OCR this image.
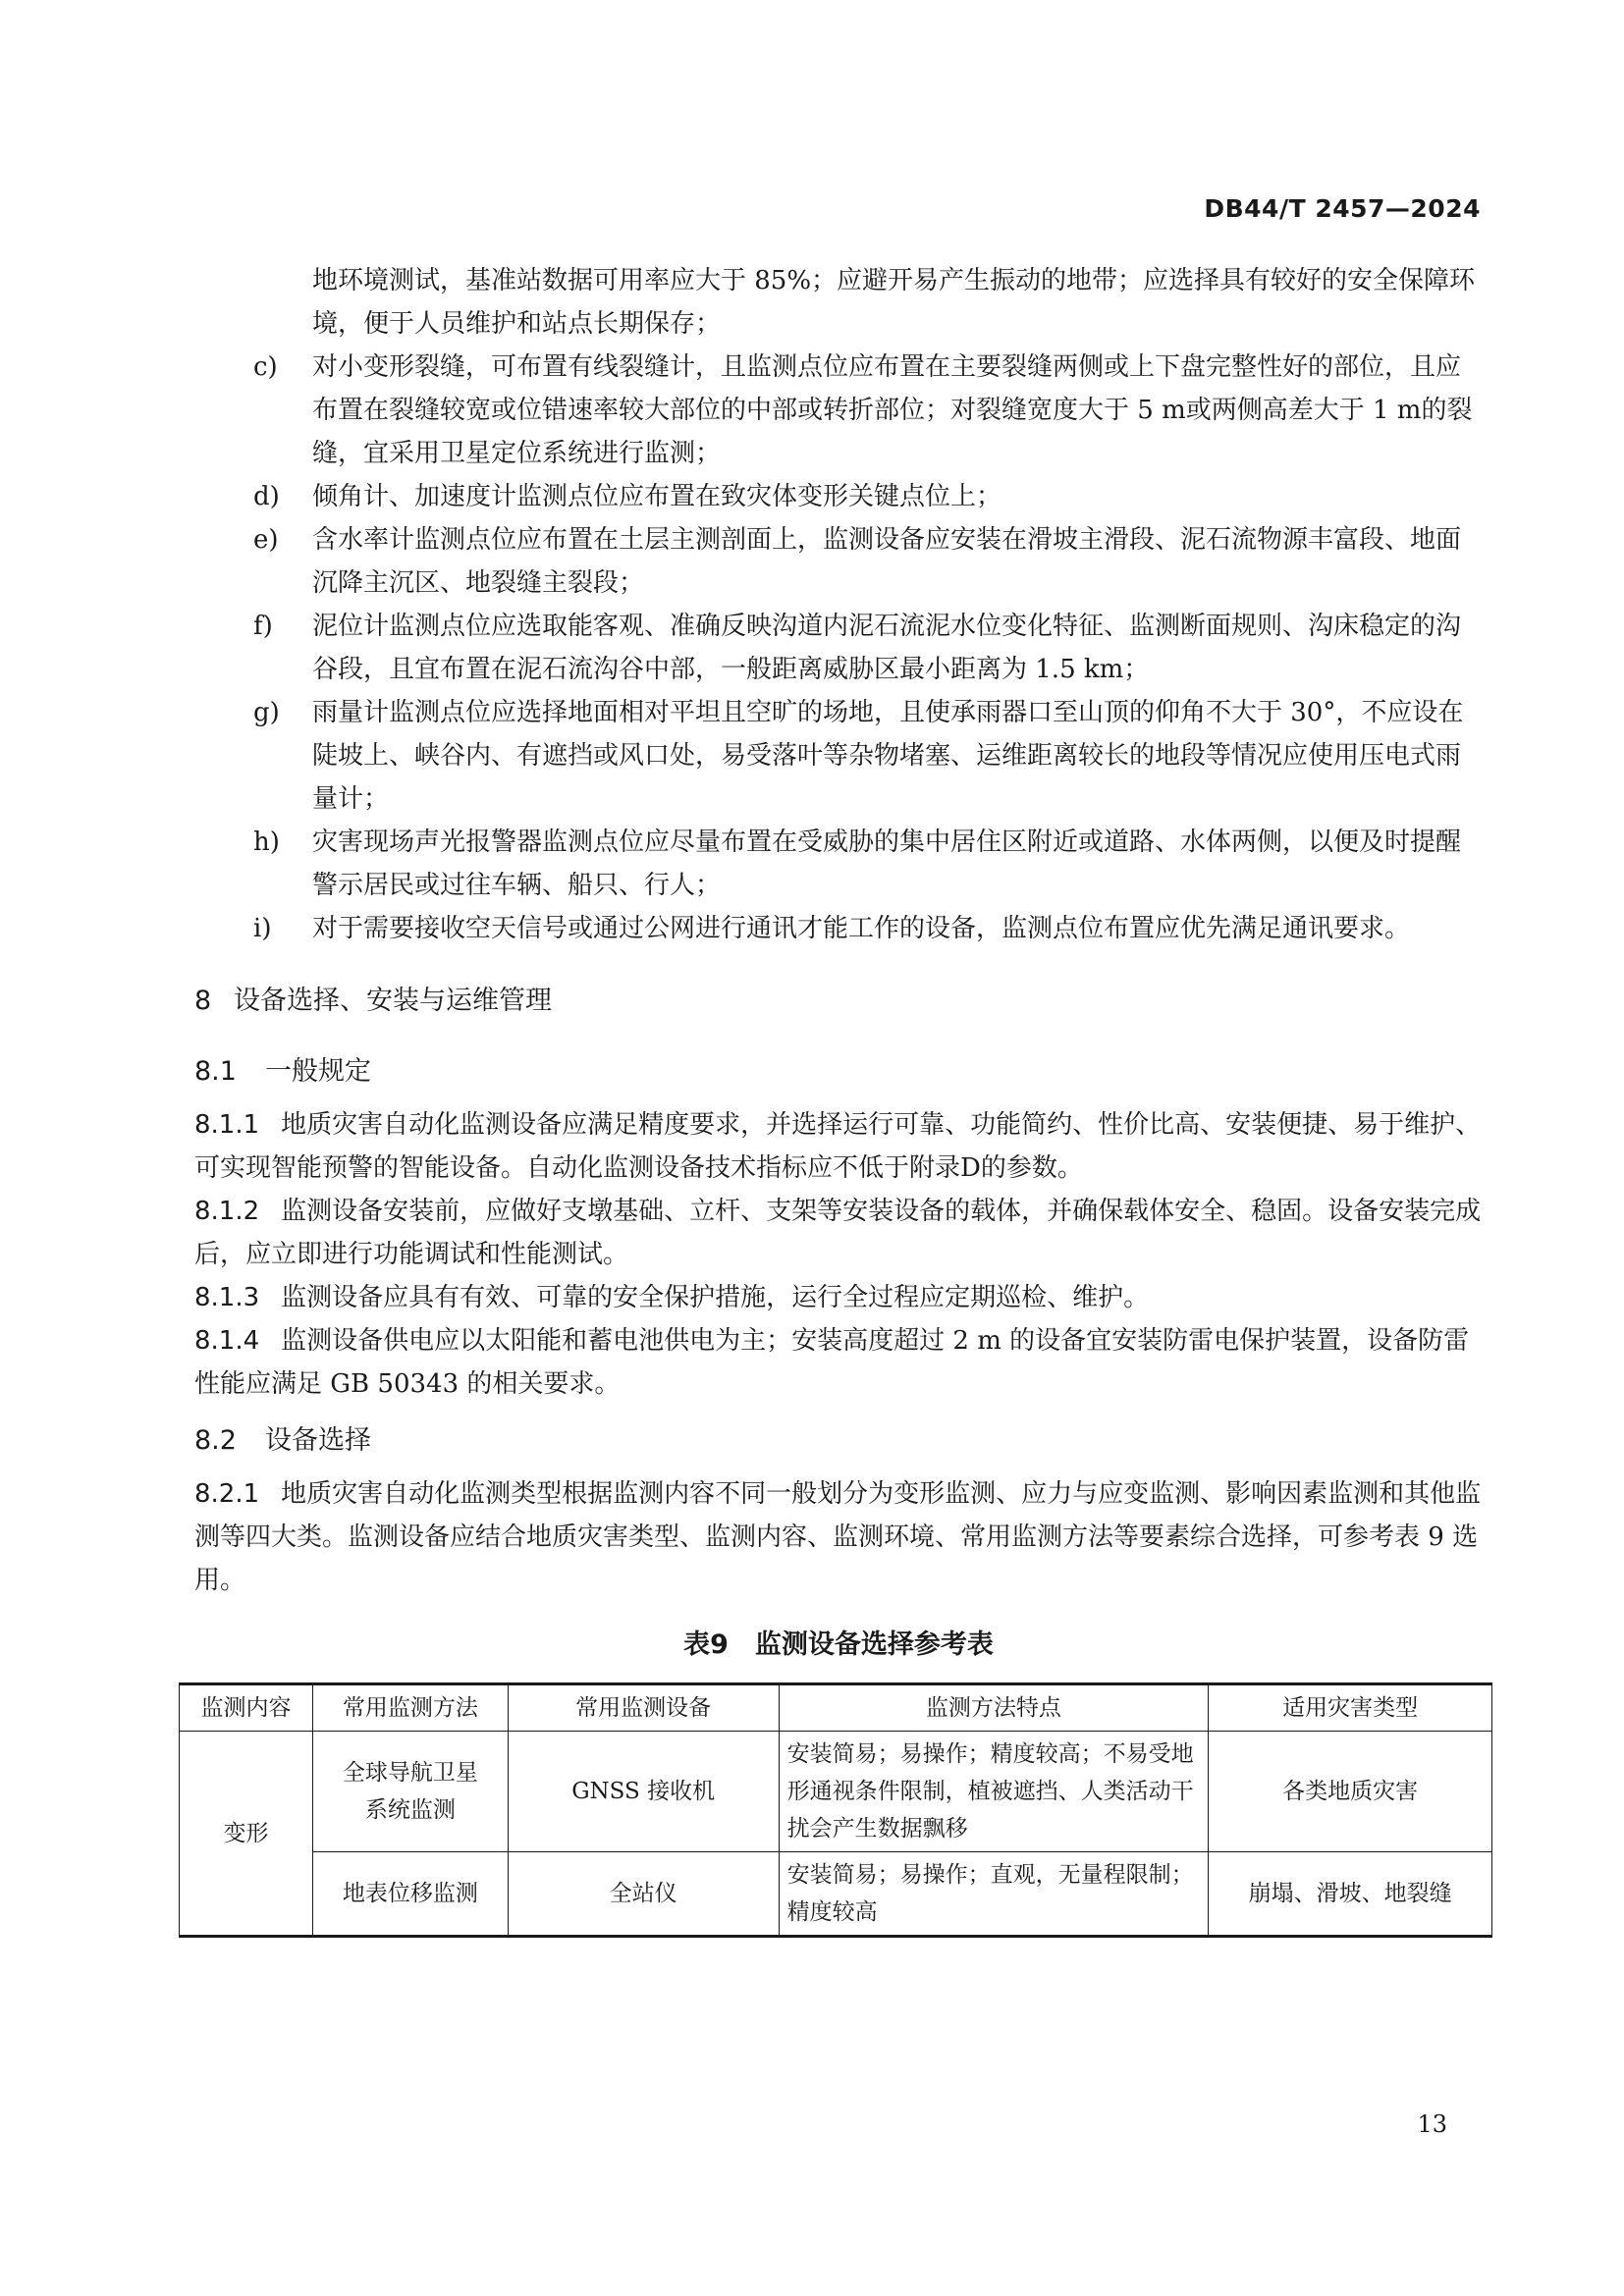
DB44/T 2457—2024
地环境测试，基准站数据可用率应大于 85%；应避开易产生振动的地带；应选择具有较好的安全保障环境，便于人员维护和站点长期保存；
c)	对小变形裂缝，可布置有线裂缝计，且监测点位应布置在主要裂缝两侧或上下盘完整性好的部位，且应布置在裂缝较宽或位错速率较大部位的中部或转折部位；对裂缝宽度大于 5 m或两侧高差大于 1 m的裂缝，宜采用卫星定位系统进行监测；
d)	倾角计、加速度计监测点位应布置在致灾体变形关键点位上；
e)	含水率计监测点位应布置在土层主测剖面上，监测设备应安装在滑坡主滑段、泥石流物源丰富段、地面沉降主沉区、地裂缝主裂段；
f)	泥位计监测点位应选取能客观、准确反映沟道内泥石流泥水位变化特征、监测断面规则、沟床稳定的沟谷段，且宜布置在泥石流沟谷中部，一般距离威胁区最小距离为 1.5 km；
g)	雨量计监测点位应选择地面相对平坦且空旷的场地，且使承雨器口至山顶的仰角不大于 30°，不应设在陡坡上、峡谷内、有遮挡或风口处，易受落叶等杂物堵塞、运维距离较长的地段等情况应使用压电式雨量计；
h)	灾害现场声光报警器监测点位应尽量布置在受威胁的集中居住区附近或道路、水体两侧，以便及时提醒警示居民或过往车辆、船只、行人；
i)	对于需要接收空天信号或通过公网进行通讯才能工作的设备，监测点位布置应优先满足通讯要求。
8 设备选择、安装与运维管理
8.1 一般规定
8.1.1 地质灾害自动化监测设备应满足精度要求，并选择运行可靠、功能简约、性价比高、安装便捷、易于维护、可实现智能预警的智能设备。自动化监测设备技术指标应不低于附录D的参数。
8.1.2 监测设备安装前，应做好支墩基础、立杆、支架等安装设备的载体，并确保载体安全、稳固。设备安装完成后，应立即进行功能调试和性能测试。
8.1.3 监测设备应具有有效、可靠的安全保护措施，运行全过程应定期巡检、维护。
8.1.4 监测设备供电应以太阳能和蓄电池供电为主；安装高度超过 2 m 的设备宜安装防雷电保护装置，设备防雷性能应满足 GB 50343 的相关要求。
8.2 设备选择
8.2.1 地质灾害自动化监测类型根据监测内容不同一般划分为变形监测、应力与应变监测、影响因素监测和其他监测等四大类。监测设备应结合地质灾害类型、监测内容、监测环境、常用监测方法等要素综合选择，可参考表 9 选用。
表9　监测设备选择参考表
监测内容	常用监测方法	常用监测设备	监测方法特点	适用灾害类型
变形	全球导航卫星系统监测	GNSS 接收机	安装简易；易操作；精度较高；不易受地形通视条件限制，植被遮挡、人类活动干扰会产生数据飘移	各类地质灾害
	地表位移监测	全站仪	安装简易；易操作；直观，无量程限制；精度较高	崩塌、滑坡、地裂缝
13
